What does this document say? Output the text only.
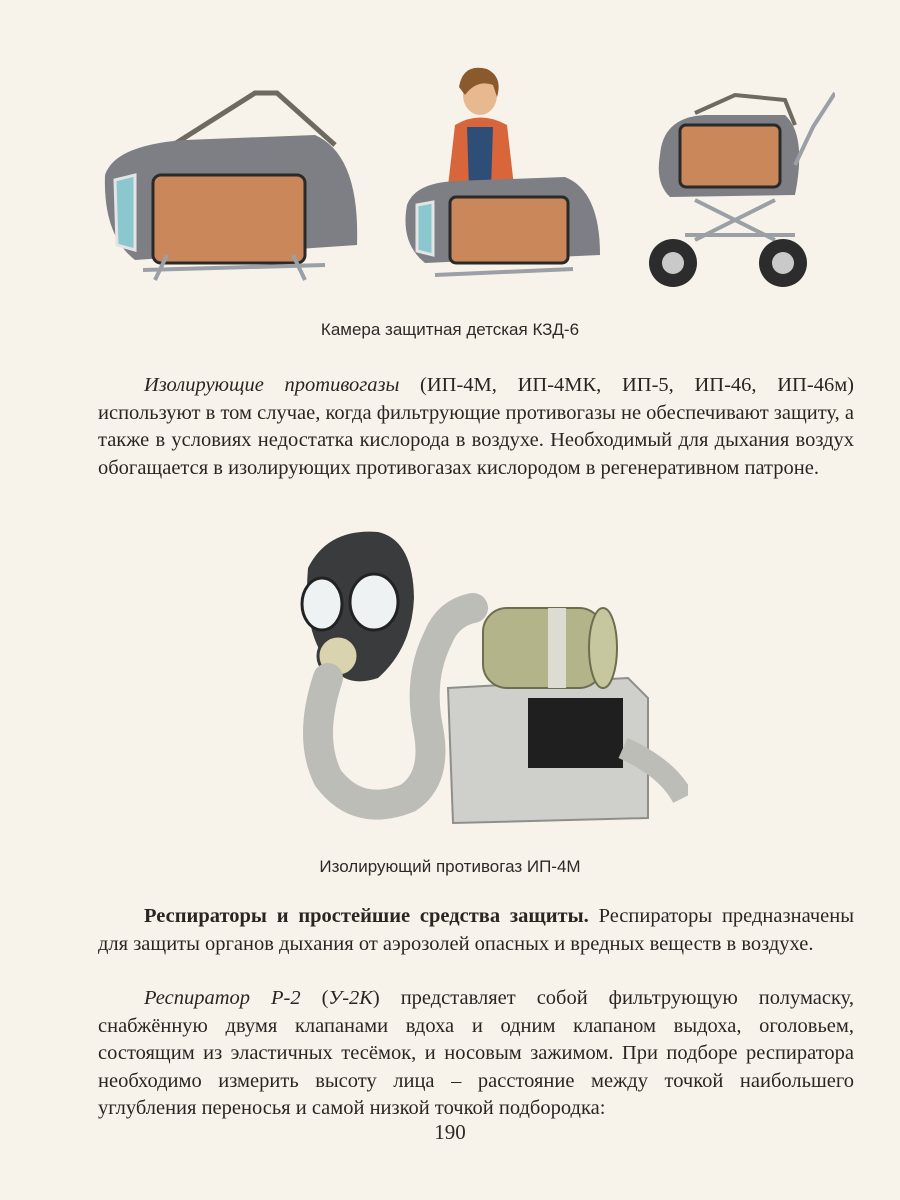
Камера защитная детская КЗД-6

Изолирующие противогазы (ИП-4М, ИП-4МК, ИП-5, ИП-46, ИП-46м) используют в том случае, когда фильтрующие противогазы не обеспечивают защиту, а также в условиях недостатка кислорода в воздухе. Необходимый для дыхания воздух обогащается в изолирующих противогазах кислородом в регенеративном патроне.

Изолирующий противогаз ИП-4М

Респираторы и простейшие средства защиты. Респираторы предназначены для защиты органов дыхания от аэрозолей опасных и вредных веществ в воздухе.

Респиратор Р-2 (У-2К) представляет собой фильтрующую полумаску, снабжённую двумя клапанами вдоха и одним клапаном выдоха, оголовьем, состоящим из эластичных тесёмок, и носовым зажимом. При подборе респиратора необходимо измерить высоту лица – расстояние между точкой наибольшего углубления переносья и самой низкой точкой подбородка:

190
